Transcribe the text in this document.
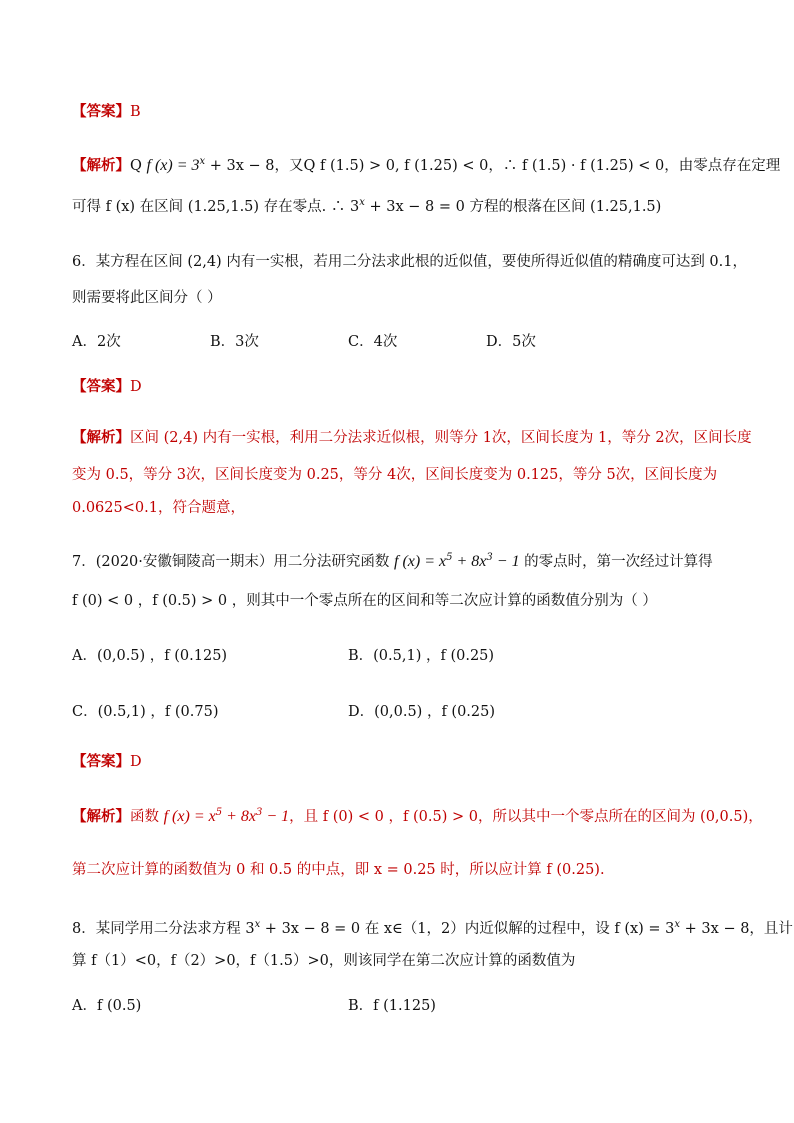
【答案】B
【解析】Q f $(x) = 3^x + 3x - 8$，又Q f (1.5) > 0, f (1.25) < 0，∴ f (1.5) · f (1.25) < 0，由零点存在定理
可得 f (x) 在区间 (1.25,1.5) 存在零点. ∴ $3^x + 3x - 8 = 0$ 方程的根落在区间 (1.25,1.5)
6．某方程在区间 (2,4) 内有一实根，若用二分法求此根的近似值，要使所得近似值的精确度可达到 0.1，
则需要将此区间分（ ）
A．2次	B．3次	C．4次	D．5次
【答案】D
【解析】区间 (2,4) 内有一实根，利用二分法求近似根，则等分 1次，区间长度为 1，等分 2次，区间长度
变为 0.5，等分 3次，区间长度变为 0.25，等分 4次，区间长度变为 0.125，等分 5次，区间长度为
0.0625<0.1，符合题意，
7．(2020·安徽铜陵高一期末）用二分法研究函数 f $(x) = x^5 + 8x^3 - 1$ 的零点时，第一次经过计算得
f (0) < 0 ，f (0.5) > 0 ，则其中一个零点所在的区间和等二次应计算的函数值分别为（ ）
A．(0,0.5) ，f (0.125)	B．(0.5,1) ，f (0.25)
C．(0.5,1) ，f (0.75)	D．(0,0.5) ，f (0.25)
【答案】D
【解析】函数 f $(x) = x^5 + 8x^3 - 1$，且 f (0) < 0 ，f (0.5) > 0，所以其中一个零点所在的区间为 (0,0.5)，
第二次应计算的函数值为 0 和 0.5 的中点，即 x = 0.25 时，所以应计算 f (0.25).
8．某同学用二分法求方程 $3^x + 3x - 8 = 0$ 在 x∈（1，2）内近似解的过程中，设 f $(x) = 3^x + 3x - 8$，且计
算 f（1）<0，f（2）>0，f（1.5）>0，则该同学在第二次应计算的函数值为
A．f (0.5)	B．f (1.125)
